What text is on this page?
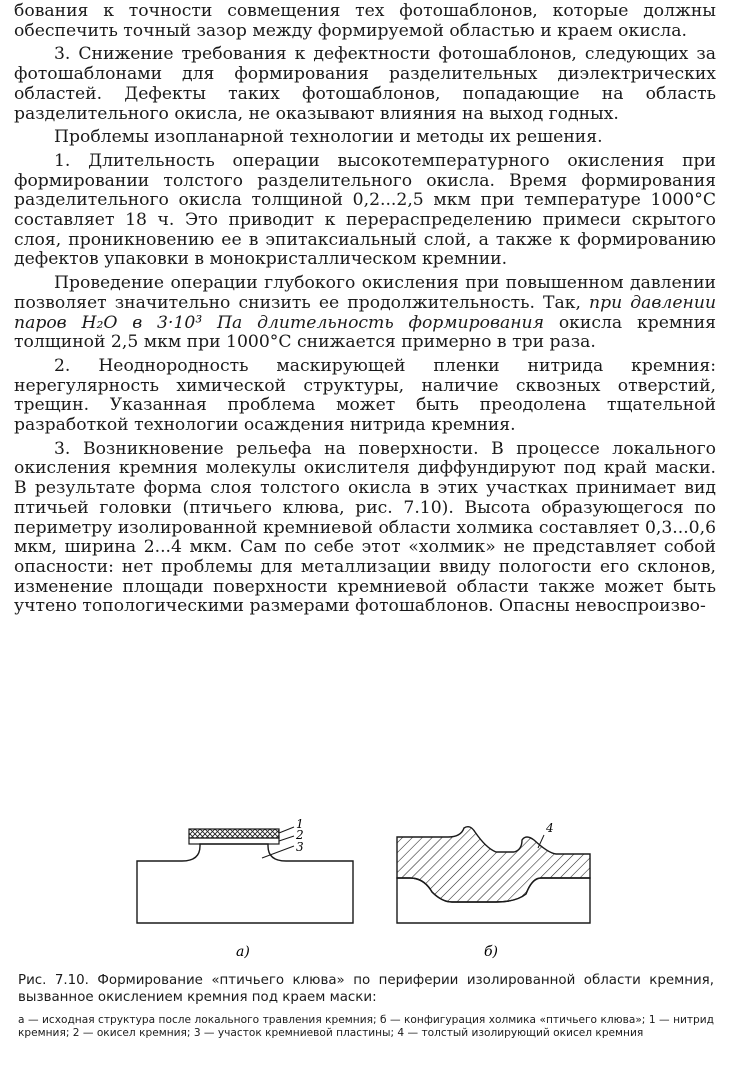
бования к точности совмещения тех фотошаблонов, которые должны обеспечить точный зазор между формируемой областью и краем окисла.

3. Снижение требования к дефектности фотошаблонов, следующих за фотошаблонами для формирования разделительных диэлектрических областей. Дефекты таких фотошаблонов, попадающие на область разделительного окисла, не оказывают влияния на выход годных.

Проблемы изопланарной технологии и методы их решения.

1. Длительность операции высокотемпературного окисления при формировании толстого разделительного окисла. Время формирования разделительного окисла толщиной 0,2...2,5 мкм при температуре 1000°С составляет 18 ч. Это приводит к перераспределению примеси скрытого слоя, проникновению ее в эпитаксиальный слой, а также к формированию дефектов упаковки в монокристаллическом кремнии.

Проведение операции глубокого окисления при повышенном давлении позволяет значительно снизить ее продолжительность. Так, при давлении паров H₂O в 3·10³ Па длительность формирования окисла кремния толщиной 2,5 мкм при 1000°С снижается примерно в три раза.

2. Неоднородность маскирующей пленки нитрида кремния: нерегулярность химической структуры, наличие сквозных отверстий, трещин. Указанная проблема может быть преодолена тщательной разработкой технологии осаждения нитрида кремния.

3. Возникновение рельефа на поверхности. В процессе локального окисления кремния молекулы окислителя диффундируют под край маски. В результате форма слоя толстого окисла в этих участках принимает вид птичьей головки (птичьего клюва, рис. 7.10). Высота образующегося по периметру изолированной кремниевой области холмика составляет 0,3...0,6 мкм, ширина 2...4 мкм. Сам по себе этот «холмик» не представляет собой опасности: нет проблемы для металлизации ввиду пологости его склонов, изменение площади поверхности кремниевой области также может быть учтено топологическими размерами фотошаблонов. Опасны невоспроизво-

1
2
3
а)
4
б)

Рис. 7.10. Формирование «птичьего клюва» по периферии изолированной области кремния, вызванное окислением кремния под краем маски:

а — исходная структура после локального травления кремния; б — конфигурация холмика «птичьего клюва»; 1 — нитрид кремния; 2 — окисел кремния; 3 — участок кремниевой пластины; 4 — толстый изолирующий окисел кремния
